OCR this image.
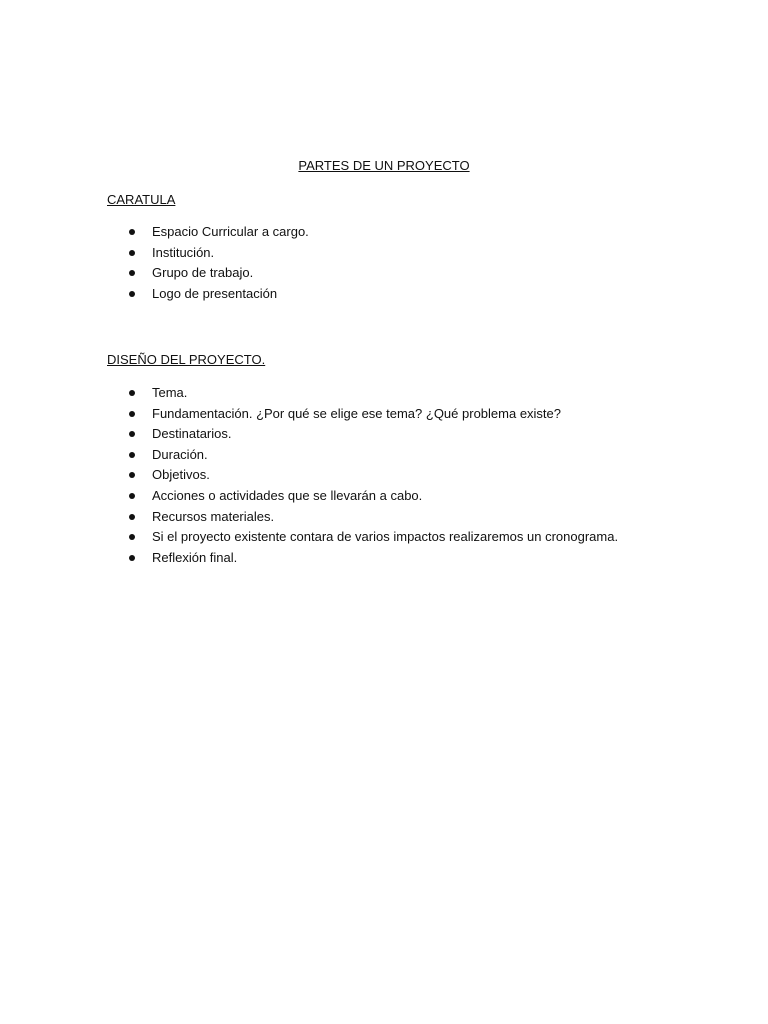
PARTES DE UN PROYECTO
CARATULA
Espacio Curricular a cargo.
Institución.
Grupo de trabajo.
Logo de presentación
DISEÑO DEL PROYECTO.
Tema.
Fundamentación. ¿Por qué se elige ese tema? ¿Qué problema existe?
Destinatarios.
Duración.
Objetivos.
Acciones o actividades que se llevarán a cabo.
Recursos materiales.
Si el proyecto existente contara de varios impactos realizaremos un cronograma.
Reflexión final.
